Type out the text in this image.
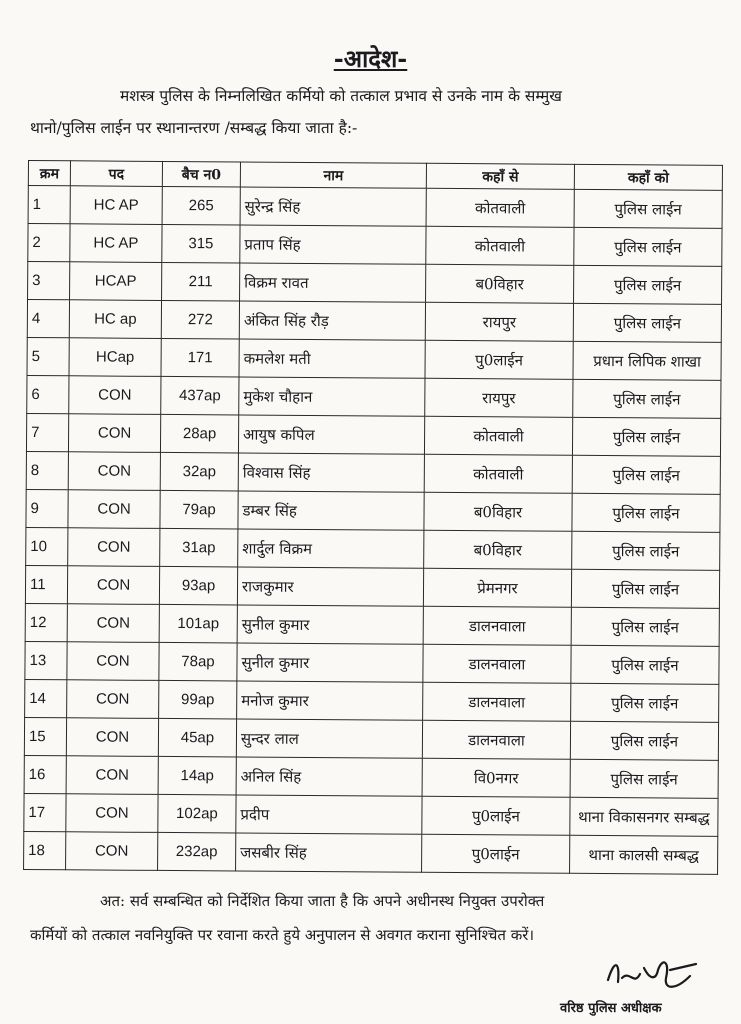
-आदेश-
मशस्त्र पुलिस के निम्नलिखित कर्मियो को तत्काल प्रभाव से उनके नाम के सम्मुख
थानो/पुलिस लाईन पर स्थानान्तरण /सम्बद्ध किया जाता है:-
क्रम	पद	बैच न0	नाम	कहाँ से	कहाँ को
1	HC AP	265	सुरेन्द्र सिंह	कोतवाली	पुलिस लाईन
2	HC AP	315	प्रताप सिंह	कोतवाली	पुलिस लाईन
3	HCAP	211	विक्रम रावत	ब0विहार	पुलिस लाईन
4	HC ap	272	अंकित सिंह रौड़	रायपुर	पुलिस लाईन
5	HCap	171	कमलेश मती	पु0लाईन	प्रधान लिपिक शाखा
6	CON	437ap	मुकेश चौहान	रायपुर	पुलिस लाईन
7	CON	28ap	आयुष कपिल	कोतवाली	पुलिस लाईन
8	CON	32ap	विश्वास सिंह	कोतवाली	पुलिस लाईन
9	CON	79ap	डम्बर सिंह	ब0विहार	पुलिस लाईन
10	CON	31ap	शार्दुल विक्रम	ब0विहार	पुलिस लाईन
11	CON	93ap	राजकुमार	प्रेमनगर	पुलिस लाईन
12	CON	101ap	सुनील कुमार	डालनवाला	पुलिस लाईन
13	CON	78ap	सुनील कुमार	डालनवाला	पुलिस लाईन
14	CON	99ap	मनोज कुमार	डालनवाला	पुलिस लाईन
15	CON	45ap	सुन्दर लाल	डालनवाला	पुलिस लाईन
16	CON	14ap	अनिल सिंह	वि0नगर	पुलिस लाईन
17	CON	102ap	प्रदीप	पु0लाईन	थाना विकासनगर सम्बद्ध
18	CON	232ap	जसबीर सिंह	पु0लाईन	थाना कालसी सम्बद्ध
अत: सर्व सम्बन्धित को निर्देशित किया जाता है कि अपने अधीनस्थ नियुक्त उपरोक्त
कर्मियों को तत्काल नवनियुक्ति पर रवाना करते हुये अनुपालन से अवगत कराना सुनिश्चित करें।
वरिष्ठ पुलिस अधीक्षक
